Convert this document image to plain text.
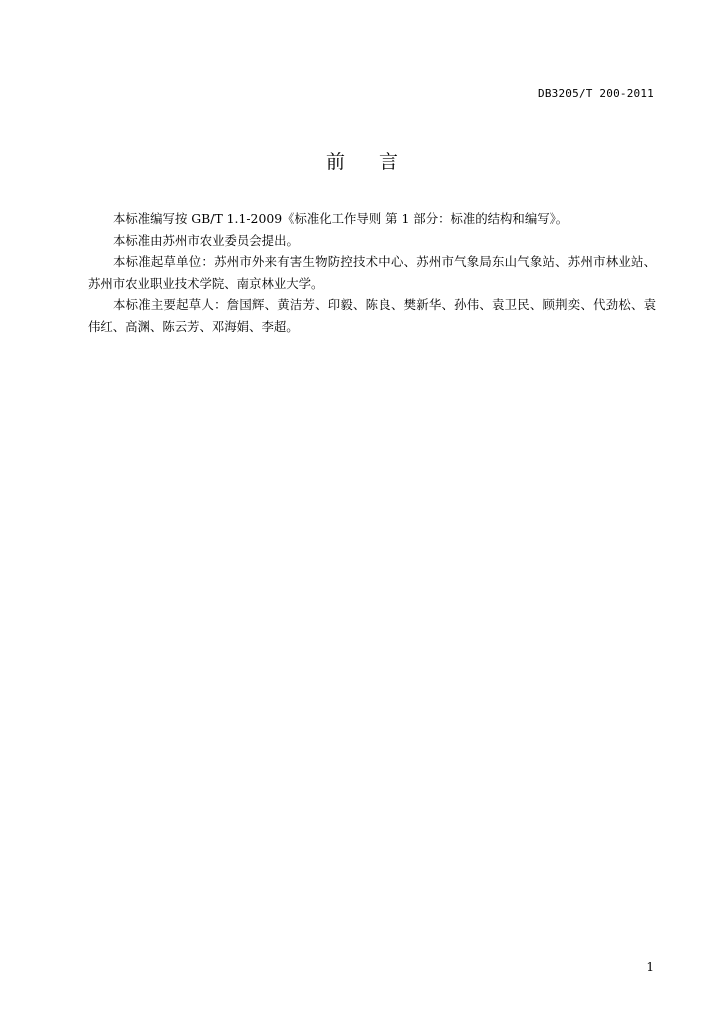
DB3205/T 200-2011
前 言

本标准编写按 GB/T 1.1-2009《标准化工作导则 第 1 部分：标准的结构和编写》。

本标准由苏州市农业委员会提出。

本标准起草单位：苏州市外来有害生物防控技术中心、苏州市气象局东山气象站、苏州市林业站、苏州市农业职业技术学院、南京林业大学。

本标准主要起草人：詹国辉、黄洁芳、印毅、陈良、樊新华、孙伟、袁卫民、顾荆奕、代劲松、袁伟红、高渊、陈云芳、邓海娟、李超。

1
